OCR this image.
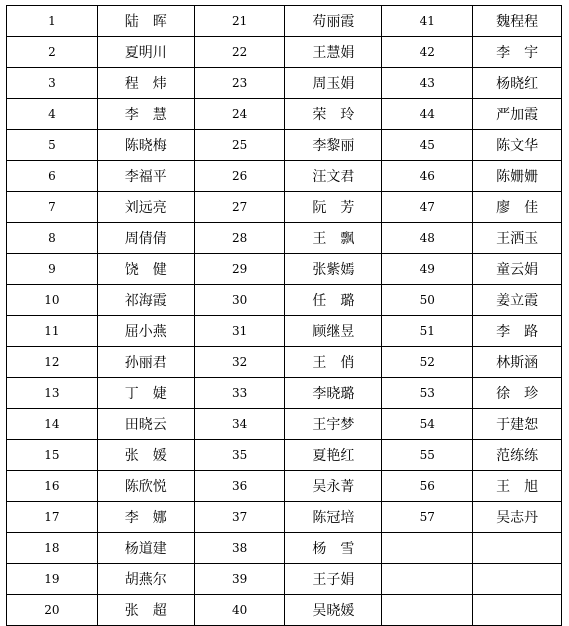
1	陆晖	21	苟丽霞	41	魏程程
2	夏明川	22	王慧娟	42	李宇
3	程炜	23	周玉娟	43	杨晓红
4	李慧	24	荣玲	44	严加霞
5	陈晓梅	25	李黎丽	45	陈文华
6	李福平	26	汪文君	46	陈姗姗
7	刘远亮	27	阮芳	47	廖佳
8	周倩倩	28	王飘	48	王洒玉
9	饶健	29	张紫嫣	49	童云娟
10	祁海霞	30	任璐	50	姜立霞
11	屈小燕	31	顾继昱	51	李路
12	孙丽君	32	王俏	52	林斯涵
13	丁婕	33	李晓璐	53	徐珍
14	田晓云	34	王宇梦	54	于建恕
15	张媛	35	夏艳红	55	范练练
16	陈欣悦	36	吴永菁	56	王旭
17	李娜	37	陈冠培	57	吴志丹
18	杨道建	38	杨雪		
19	胡燕尔	39	王子娟		
20	张超	40	吴晓媛		
